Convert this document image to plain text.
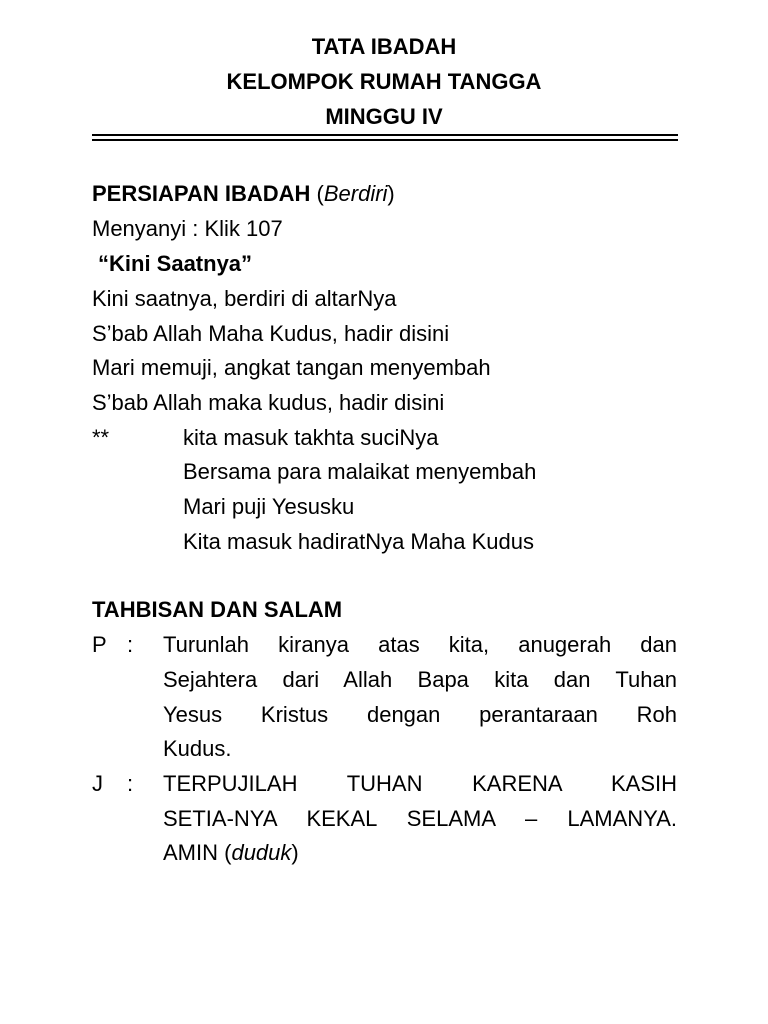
TATA IBADAH
KELOMPOK RUMAH TANGGA
MINGGU IV
PERSIAPAN IBADAH (Berdiri)
Menyanyi : Klik 107
“Kini Saatnya”
Kini saatnya, berdiri di altarNya
S’bab Allah Maha Kudus, hadir disini
Mari memuji, angkat tangan menyembah
S’bab Allah maka kudus, hadir disini
**	kita masuk takhta suciNya
Bersama para malaikat menyembah
Mari puji Yesusku
Kita masuk hadiratNya Maha Kudus
TAHBISAN DAN SALAM
P : Turunlah kiranya atas kita, anugerah dan
Sejahtera dari Allah Bapa kita dan Tuhan
Yesus Kristus dengan perantaraan Roh
Kudus.
J : TERPUJILAH TUHAN KARENA KASIH
SETIA-NYA KEKAL SELAMA – LAMANYA.
AMIN (duduk)
